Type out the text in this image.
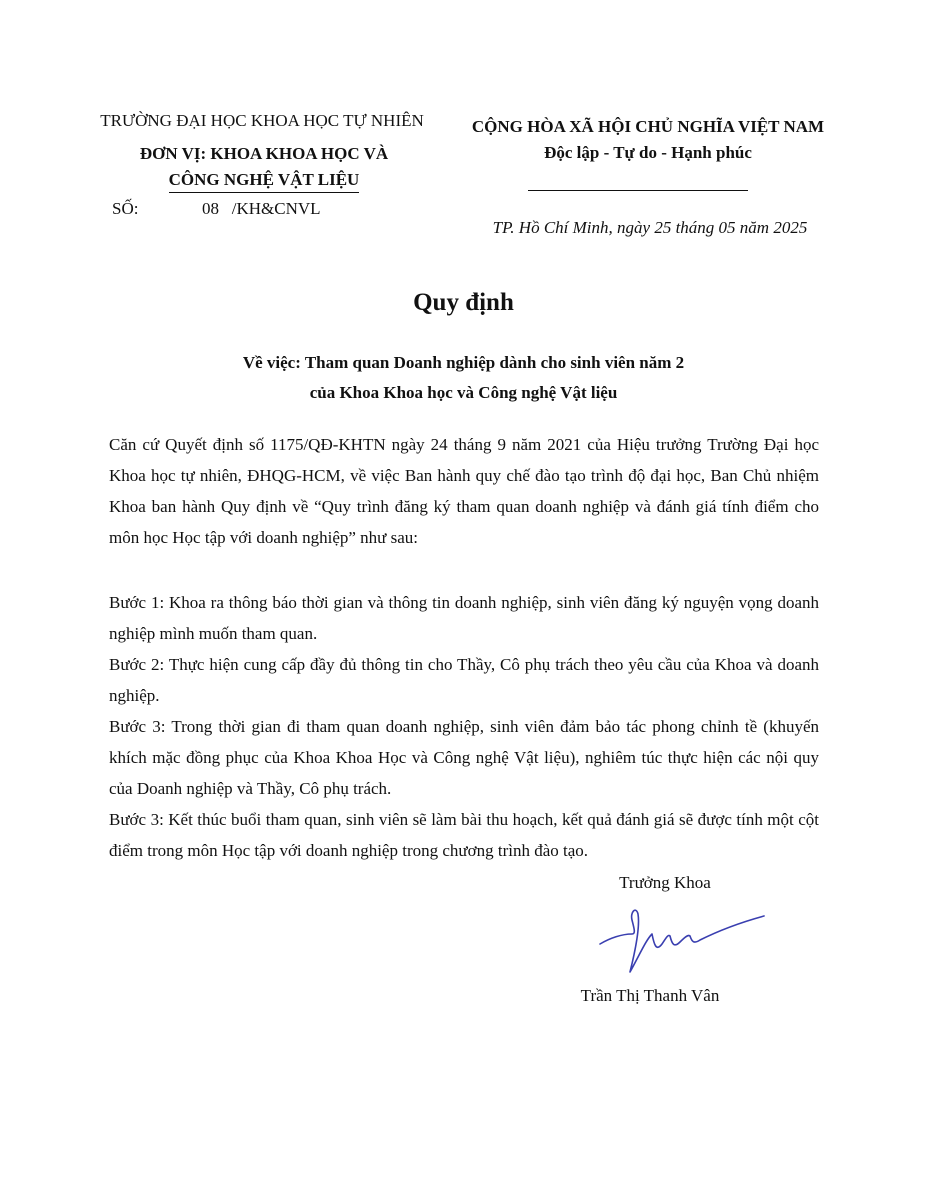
TRƯỜNG ĐẠI HỌC KHOA HỌC TỰ NHIÊN
ĐƠN VỊ: KHOA KHOA HỌC VÀ
CÔNG NGHỆ VẬT LIỆU
SỐ:	08   /KH&CNVL
CỘNG HÒA XÃ HỘI CHỦ NGHĨA VIỆT NAM
Độc lập - Tự do - Hạnh phúc
TP. Hồ Chí Minh, ngày 25 tháng 05 năm 2025
Quy định
Về việc: Tham quan Doanh nghiệp dành cho sinh viên năm 2
của Khoa Khoa học và Công nghệ Vật liệu
Căn cứ Quyết định số 1175/QĐ-KHTN ngày 24 tháng 9 năm 2021 của Hiệu trưởng Trường Đại học Khoa học tự nhiên, ĐHQG-HCM, về việc Ban hành quy chế đào tạo trình độ đại học, Ban Chủ nhiệm Khoa ban hành Quy định về “Quy trình đăng ký tham quan doanh nghiệp và đánh giá tính điểm cho môn học Học tập với doanh nghiệp” như sau:

Bước 1: Khoa ra thông báo thời gian và thông tin doanh nghiệp, sinh viên đăng ký nguyện vọng doanh nghiệp mình muốn tham quan.

Bước 2: Thực hiện cung cấp đầy đủ thông tin cho Thầy, Cô phụ trách theo yêu cầu của Khoa và doanh nghiệp.

Bước 3: Trong thời gian đi tham quan doanh nghiệp, sinh viên đảm bảo tác phong chỉnh tề (khuyến khích mặc đồng phục của Khoa Khoa Học và Công nghệ Vật liệu), nghiêm túc thực hiện các nội quy của Doanh nghiệp và Thầy, Cô phụ trách.

Bước 3: Kết thúc buổi tham quan, sinh viên sẽ làm bài thu hoạch, kết quả đánh giá sẽ được tính một cột điểm trong môn Học tập với doanh nghiệp trong chương trình đào tạo.

Trưởng Khoa
Trần Thị Thanh Vân
